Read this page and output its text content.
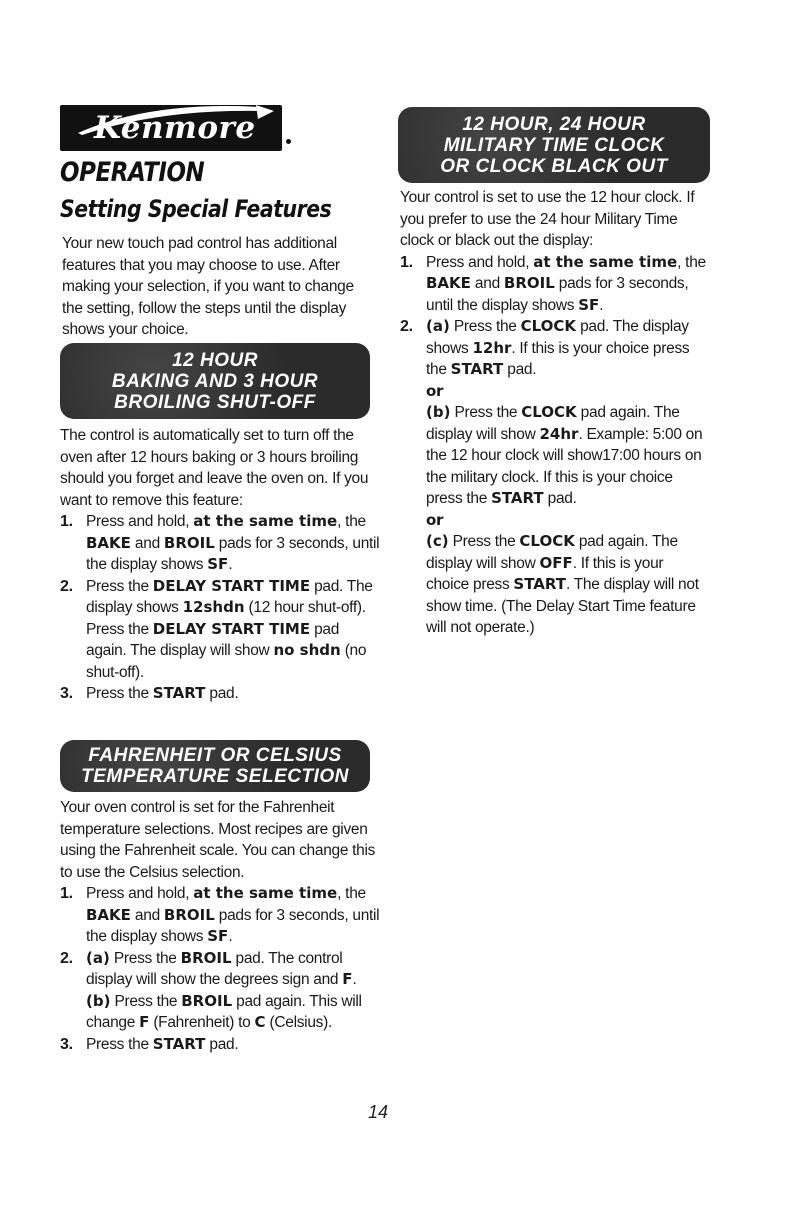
Kenmore
OPERATION
Setting Special Features

Your new touch pad control has additional features that you may choose to use. After making your selection, if you want to change the setting, follow the steps until the display shows your choice.

12 HOUR
BAKING AND 3 HOUR
BROILING SHUT-OFF

The control is automatically set to turn off the oven after 12 hours baking or 3 hours broiling should you forget and leave the oven on. If you want to remove this feature:

1. Press and hold, at the same time, the BAKE and BROIL pads for 3 seconds, until the display shows SF.
2. Press the DELAY START TIME pad. The display shows 12shdn (12 hour shut-off).
Press the DELAY START TIME pad again. The display will show no shdn (no shut-off).
3. Press the START pad.
FAHRENHEIT OR CELSIUS
TEMPERATURE SELECTION

Your oven control is set for the Fahrenheit temperature selections. Most recipes are given using the Fahrenheit scale. You can change this to use the Celsius selection.

1. Press and hold, at the same time, the BAKE and BROIL pads for 3 seconds, until the display shows SF.
2. (a) Press the BROIL pad. The control display will show the degrees sign and F.
(b) Press the BROIL pad again. This will change F (Fahrenheit) to C (Celsius).
3. Press the START pad.
12 HOUR, 24 HOUR
MILITARY TIME CLOCK
OR CLOCK BLACK OUT

Your control is set to use the 12 hour clock. If you prefer to use the 24 hour Military Time clock or black out the display:

1. Press and hold, at the same time, the BAKE and BROIL pads for 3 seconds, until the display shows SF.
2. (a) Press the CLOCK pad. The display shows 12hr. If this is your choice press the START pad.
or
(b) Press the CLOCK pad again. The display will show 24hr. Example: 5:00 on the 12 hour clock will show17:00 hours on the military clock. If this is your choice press the START pad.
or
(c) Press the CLOCK pad again. The display will show OFF. If this is your choice press START. The display will not show time. (The Delay Start Time feature will not operate.)
14
